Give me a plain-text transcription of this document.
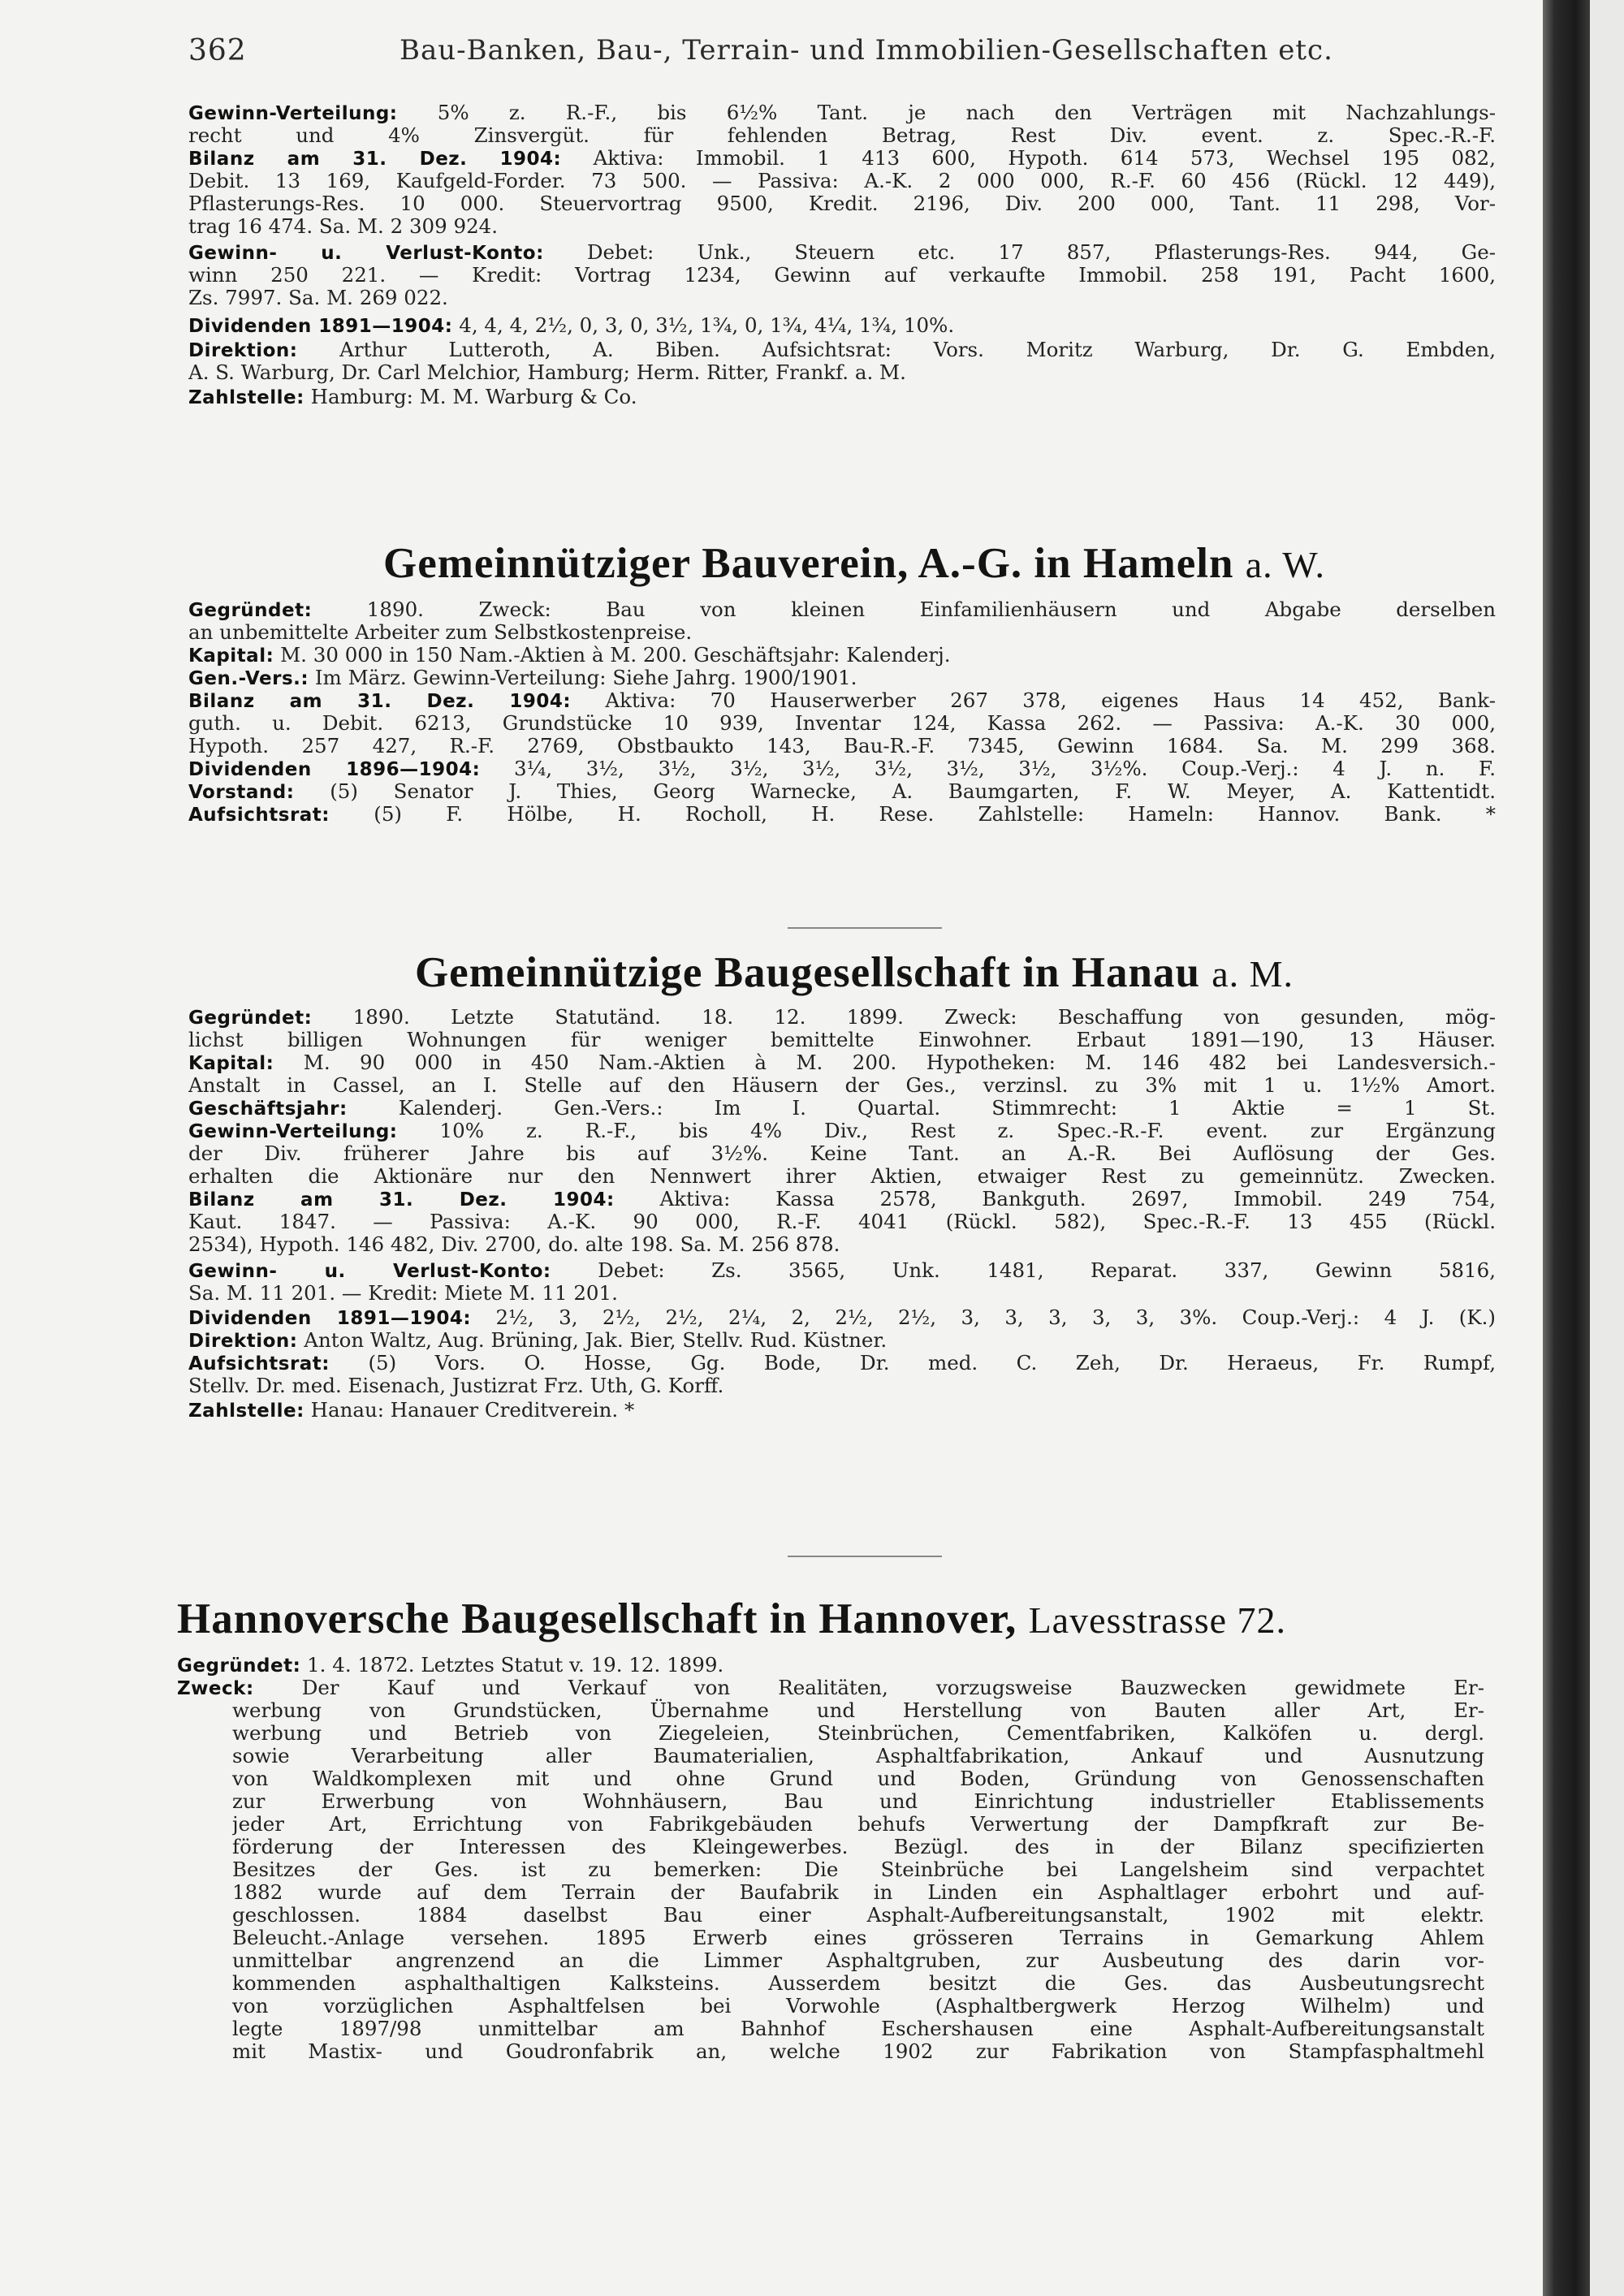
362	Bau-Banken, Bau-, Terrain- und Immobilien-Gesellschaften etc.
Gewinn-Verteilung: 5% z. R.-F., bis 6½% Tant. je nach den Verträgen mit Nachzahlungs-
recht und 4% Zinsvergüt. für fehlenden Betrag, Rest Div. event. z. Spec.-R.-F.
Bilanz am 31. Dez. 1904: Aktiva: Immobil. 1 413 600, Hypoth. 614 573, Wechsel 195 082,
Debit. 13 169, Kaufgeld-Forder. 73 500. — Passiva: A.-K. 2 000 000, R.-F. 60 456 (Rückl. 12 449),
Pflasterungs-Res. 10 000. Steuervortrag 9500, Kredit. 2196, Div. 200 000, Tant. 11 298, Vor-
trag 16 474. Sa. M. 2 309 924.
Gewinn- u. Verlust-Konto: Debet: Unk., Steuern etc. 17 857, Pflasterungs-Res. 944, Ge-
winn 250 221. — Kredit: Vortrag 1234, Gewinn auf verkaufte Immobil. 258 191, Pacht 1600,
Zs. 7997. Sa. M. 269 022.
Dividenden 1891—1904: 4, 4, 4, 2½, 0, 3, 0, 3½, 1¾, 0, 1¾, 4¼, 1¾, 10%.
Direktion: Arthur Lutteroth, A. Biben. Aufsichtsrat: Vors. Moritz Warburg, Dr. G. Embden,
A. S. Warburg, Dr. Carl Melchior, Hamburg; Herm. Ritter, Frankf. a. M.
Zahlstelle: Hamburg: M. M. Warburg & Co.
Gemeinnütziger Bauverein, A.-G. in Hameln a. W.
Gegründet: 1890. Zweck: Bau von kleinen Einfamilienhäusern und Abgabe derselben
an unbemittelte Arbeiter zum Selbstkostenpreise.
Kapital: M. 30 000 in 150 Nam.-Aktien à M. 200. Geschäftsjahr: Kalenderj.
Gen.-Vers.: Im März. Gewinn-Verteilung: Siehe Jahrg. 1900/1901.
Bilanz am 31. Dez. 1904: Aktiva: 70 Hauserwerber 267 378, eigenes Haus 14 452, Bank-
guth. u. Debit. 6213, Grundstücke 10 939, Inventar 124, Kassa 262. — Passiva: A.-K. 30 000,
Hypoth. 257 427, R.-F. 2769, Obstbaukto 143, Bau-R.-F. 7345, Gewinn 1684. Sa. M. 299 368.
Dividenden 1896—1904: 3¼, 3½, 3½, 3½, 3½, 3½, 3½, 3½, 3½%. Coup.-Verj.: 4 J. n. F.
Vorstand: (5) Senator J. Thies, Georg Warnecke, A. Baumgarten, F. W. Meyer, A. Kattentidt.
Aufsichtsrat: (5) F. Hölbe, H. Rocholl, H. Rese. Zahlstelle: Hameln: Hannov. Bank. *
Gemeinnützige Baugesellschaft in Hanau a. M.
Gegründet: 1890. Letzte Statutänd. 18. 12. 1899. Zweck: Beschaffung von gesunden, mög-
lichst billigen Wohnungen für weniger bemittelte Einwohner. Erbaut 1891—190, 13 Häuser.
Kapital: M. 90 000 in 450 Nam.-Aktien à M. 200. Hypotheken: M. 146 482 bei Landesversich.-
Anstalt in Cassel, an I. Stelle auf den Häusern der Ges., verzinsl. zu 3% mit 1 u. 1½% Amort.
Geschäftsjahr: Kalenderj. Gen.-Vers.: Im I. Quartal. Stimmrecht: 1 Aktie = 1 St.
Gewinn-Verteilung: 10% z. R.-F., bis 4% Div., Rest z. Spec.-R.-F. event. zur Ergänzung
der Div. früherer Jahre bis auf 3½%. Keine Tant. an A.-R. Bei Auflösung der Ges.
erhalten die Aktionäre nur den Nennwert ihrer Aktien, etwaiger Rest zu gemeinnütz. Zwecken.
Bilanz am 31. Dez. 1904: Aktiva: Kassa 2578, Bankguth. 2697, Immobil. 249 754,
Kaut. 1847. — Passiva: A.-K. 90 000, R.-F. 4041 (Rückl. 582), Spec.-R.-F. 13 455 (Rückl.
2534), Hypoth. 146 482, Div. 2700, do. alte 198. Sa. M. 256 878.
Gewinn- u. Verlust-Konto: Debet: Zs. 3565, Unk. 1481, Reparat. 337, Gewinn 5816,
Sa. M. 11 201. — Kredit: Miete M. 11 201.
Dividenden 1891—1904: 2½, 3, 2½, 2½, 2¼, 2, 2½, 2½, 3, 3, 3, 3, 3, 3%. Coup.-Verj.: 4 J. (K.)
Direktion: Anton Waltz, Aug. Brüning, Jak. Bier, Stellv. Rud. Küstner.
Aufsichtsrat: (5) Vors. O. Hosse, Gg. Bode, Dr. med. C. Zeh, Dr. Heraeus, Fr. Rumpf,
Stellv. Dr. med. Eisenach, Justizrat Frz. Uth, G. Korff.
Zahlstelle: Hanau: Hanauer Creditverein. *
Hannoversche Baugesellschaft in Hannover, Lavesstrasse 72.
Gegründet: 1. 4. 1872. Letztes Statut v. 19. 12. 1899.
Zweck: Der Kauf und Verkauf von Realitäten, vorzugsweise Bauzwecken gewidmete Er-
werbung von Grundstücken, Übernahme und Herstellung von Bauten aller Art, Er-
werbung und Betrieb von Ziegeleien, Steinbrüchen, Cementfabriken, Kalköfen u. dergl.
sowie Verarbeitung aller Baumaterialien, Asphaltfabrikation, Ankauf und Ausnutzung
von Waldkomplexen mit und ohne Grund und Boden, Gründung von Genossenschaften
zur Erwerbung von Wohnhäusern, Bau und Einrichtung industrieller Etablissements
jeder Art, Errichtung von Fabrikgebäuden behufs Verwertung der Dampfkraft zur Be-
förderung der Interessen des Kleingewerbes. Bezügl. des in der Bilanz specifizierten
Besitzes der Ges. ist zu bemerken: Die Steinbrüche bei Langelsheim sind verpachtet
1882 wurde auf dem Terrain der Baufabrik in Linden ein Asphaltlager erbohrt und auf-
geschlossen. 1884 daselbst Bau einer Asphalt-Aufbereitungsanstalt, 1902 mit elektr.
Beleucht.-Anlage versehen. 1895 Erwerb eines grösseren Terrains in Gemarkung Ahlem
unmittelbar angrenzend an die Limmer Asphaltgruben, zur Ausbeutung des darin vor-
kommenden asphalthaltigen Kalksteins. Ausserdem besitzt die Ges. das Ausbeutungsrecht
von vorzüglichen Asphaltfelsen bei Vorwohle (Asphaltbergwerk Herzog Wilhelm) und
legte 1897/98 unmittelbar am Bahnhof Eschershausen eine Asphalt-Aufbereitungsanstalt
mit Mastix- und Goudronfabrik an, welche 1902 zur Fabrikation von Stampfasphaltmehl
